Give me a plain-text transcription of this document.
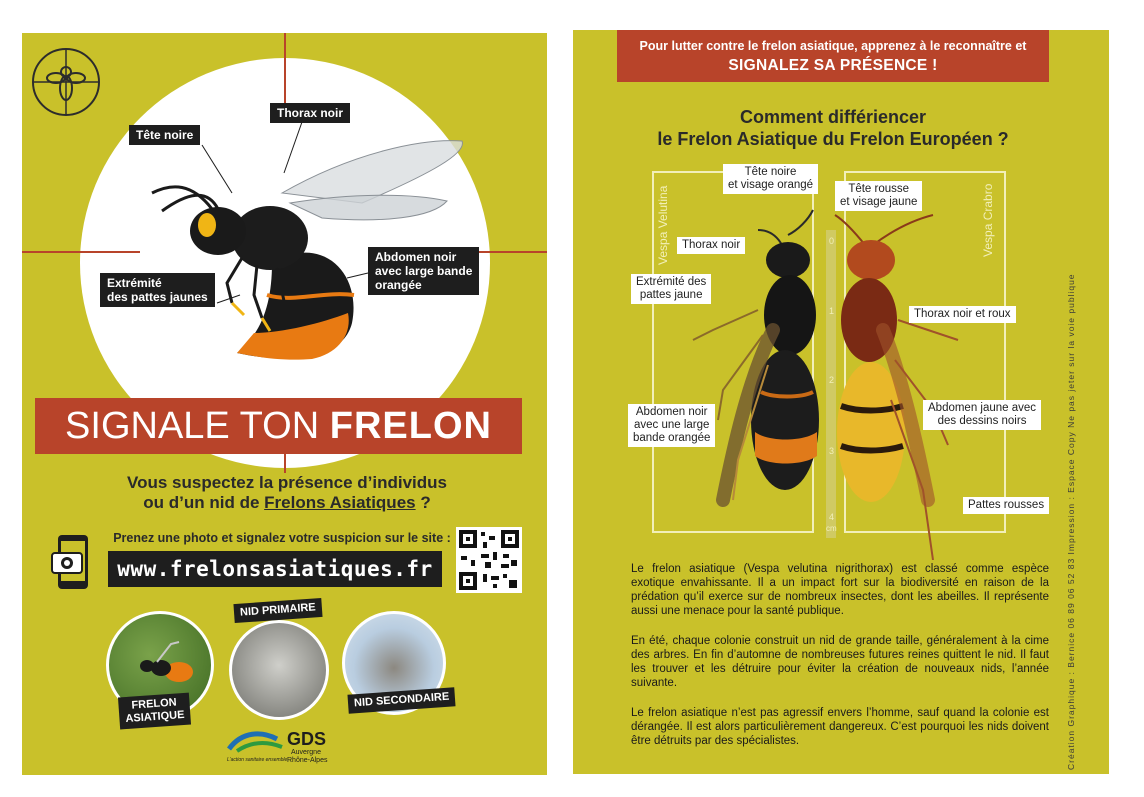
Tête noire
Thorax noir
Extrémité
des pattes jaunes
Abdomen noir
avec large bande
orangée
SIGNALE TON FRELON
Vous suspectez la présence d’individus
ou d’un nid de Frelons Asiatiques ?
Prenez une photo et signalez votre suspicion sur le site :
www.frelonsasiatiques.fr
FRELON
ASIATIQUE
NID PRIMAIRE
NID SECONDAIRE
GDS
Auvergne
Rhône-Alpes
L’action sanitaire ensemble
Pour lutter contre le frelon asiatique, apprenez à le reconnaître et
SIGNALEZ SA PRÉSENCE !
Comment différiencer
le Frelon Asiatique du Frelon Européen ?
Vespa Velutina	Vespa Crabro
0
1
2
3
4
cm
Tête noire
et visage orangé	Tête rousse
et visage jaune
Thorax noir
Extrémité des
pattes jaune
Thorax noir et roux
Abdomen noir
avec une large
bande orangée
Abdomen jaune avec
des dessins noirs
Pattes rousses
Le frelon asiatique (Vespa velutina nigrithorax) est classé comme espèce exotique envahissante. Il a un impact fort sur la biodiversité en raison de la prédation qu’il exerce sur de nombreux insectes, dont les abeilles. Il représente aussi une menace pour la santé publique.
En été, chaque colonie construit un nid de grande taille, généralement à la cime des arbres. En fin d’automne de nombreuses futures reines quittent le nid. Il faut les trouver et les détruire pour éviter la création de nouveaux nids, l’année suivante.
Le frelon asiatique n’est pas agressif envers l’homme, sauf quand la colonie est dérangée. Il est alors particulièrement dangereux. C’est pourquoi les nids doivent être détruits par des spécialistes.	Création Graphique : Bernice 06 89 06 52 83 Impression : Espace Copy Ne pas jeter sur la voie publique
